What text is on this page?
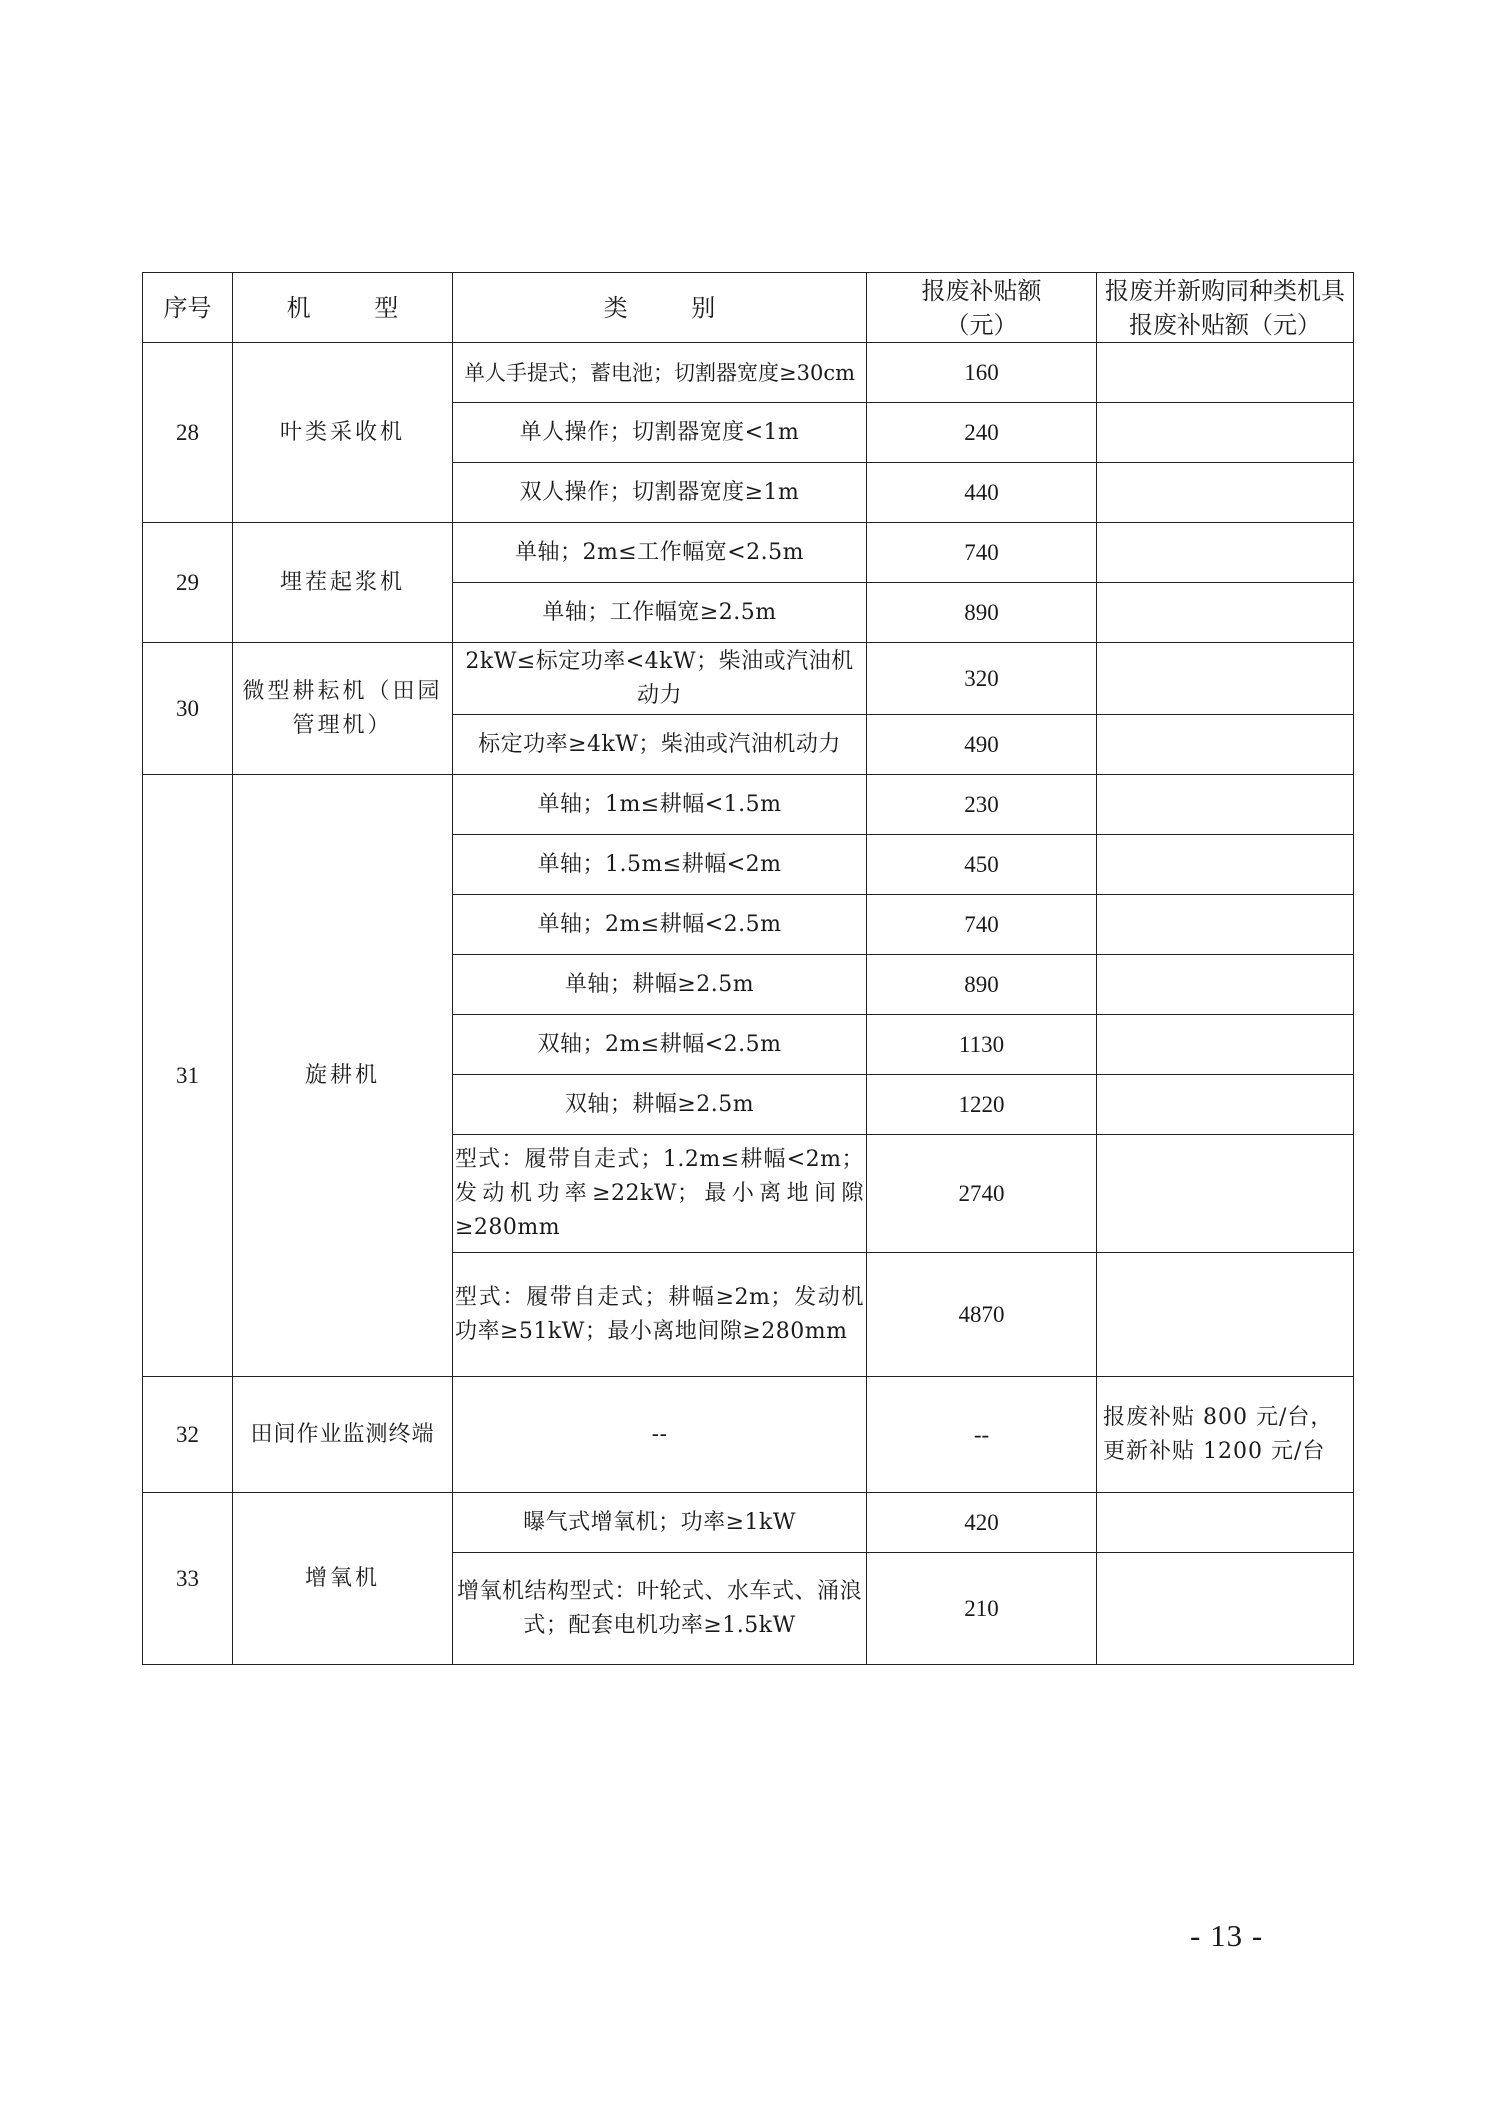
序号	机 型	类 别	报废补贴额（元）	报废并新购同种类机具报废补贴额（元）
28	叶类采收机	单人手提式；蓄电池；切割器宽度≥30cm	160	
		单人操作；切割器宽度<1m	240	
		双人操作；切割器宽度≥1m	440	
29	埋茬起浆机	单轴；2m≤工作幅宽<2.5m	740	
		单轴；工作幅宽≥2.5m	890	
30	微型耕耘机（田园管理机）	2kW≤标定功率<4kW；柴油或汽油机动力	320	
		标定功率≥4kW；柴油或汽油机动力	490	
31	旋耕机	单轴；1m≤耕幅<1.5m	230	
		单轴；1.5m≤耕幅<2m	450	
		单轴；2m≤耕幅<2.5m	740	
		单轴；耕幅≥2.5m	890	
		双轴；2m≤耕幅<2.5m	1130	
		双轴；耕幅≥2.5m	1220	
		型式：履带自走式；1.2m≤耕幅<2m；发动机功率≥22kW；最小离地间隙≥280mm	2740	
		型式：履带自走式；耕幅≥2m；发动机功率≥51kW；最小离地间隙≥280mm	4870	
32	田间作业监测终端	--	--	报废补贴 800 元/台，更新补贴 1200 元/台
33	增氧机	曝气式增氧机；功率≥1kW	420	
		增氧机结构型式：叶轮式、水车式、涌浪式；配套电机功率≥1.5kW	210	
- 13 -
